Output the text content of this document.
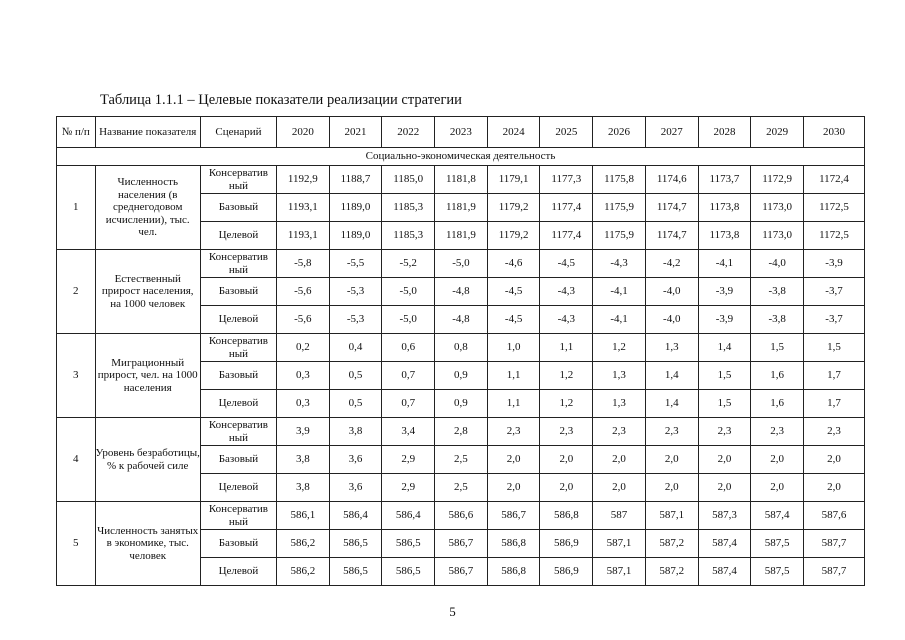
Таблица 1.1.1 – Целевые показатели реализации стратегии
№ п/п	Название показателя	Сценарий	2020	2021	2022	2023	2024	2025	2026	2027	2028	2029	2030
Социально-экономическая деятельность													
1	Численность населения (в среднегодовом исчислении), тыс. чел.	Консерватив ный	1192,9	1188,7	1185,0	1181,8	1179,1	1177,3	1175,8	1174,6	1173,7	1172,9	1172,4
		Базовый	1193,1	1189,0	1185,3	1181,9	1179,2	1177,4	1175,9	1174,7	1173,8	1173,0	1172,5
		Целевой	1193,1	1189,0	1185,3	1181,9	1179,2	1177,4	1175,9	1174,7	1173,8	1173,0	1172,5
2	Естественный прирост населения, на 1000 человек	Консерватив ный	-5,8	-5,5	-5,2	-5,0	-4,6	-4,5	-4,3	-4,2	-4,1	-4,0	-3,9
		Базовый	-5,6	-5,3	-5,0	-4,8	-4,5	-4,3	-4,1	-4,0	-3,9	-3,8	-3,7
		Целевой	-5,6	-5,3	-5,0	-4,8	-4,5	-4,3	-4,1	-4,0	-3,9	-3,8	-3,7
3	Миграционный прирост, чел. на 1000 населения	Консерватив ный	0,2	0,4	0,6	0,8	1,0	1,1	1,2	1,3	1,4	1,5	1,5
		Базовый	0,3	0,5	0,7	0,9	1,1	1,2	1,3	1,4	1,5	1,6	1,7
		Целевой	0,3	0,5	0,7	0,9	1,1	1,2	1,3	1,4	1,5	1,6	1,7
4	Уровень безработицы, % к рабочей силе	Консерватив ный	3,9	3,8	3,4	2,8	2,3	2,3	2,3	2,3	2,3	2,3	2,3
		Базовый	3,8	3,6	2,9	2,5	2,0	2,0	2,0	2,0	2,0	2,0	2,0
		Целевой	3,8	3,6	2,9	2,5	2,0	2,0	2,0	2,0	2,0	2,0	2,0
5	Численность занятых в экономике, тыс. человек	Консерватив ный	586,1	586,4	586,4	586,6	586,7	586,8	587	587,1	587,3	587,4	587,6
		Базовый	586,2	586,5	586,5	586,7	586,8	586,9	587,1	587,2	587,4	587,5	587,7
		Целевой	586,2	586,5	586,5	586,7	586,8	586,9	587,1	587,2	587,4	587,5	587,7
5
